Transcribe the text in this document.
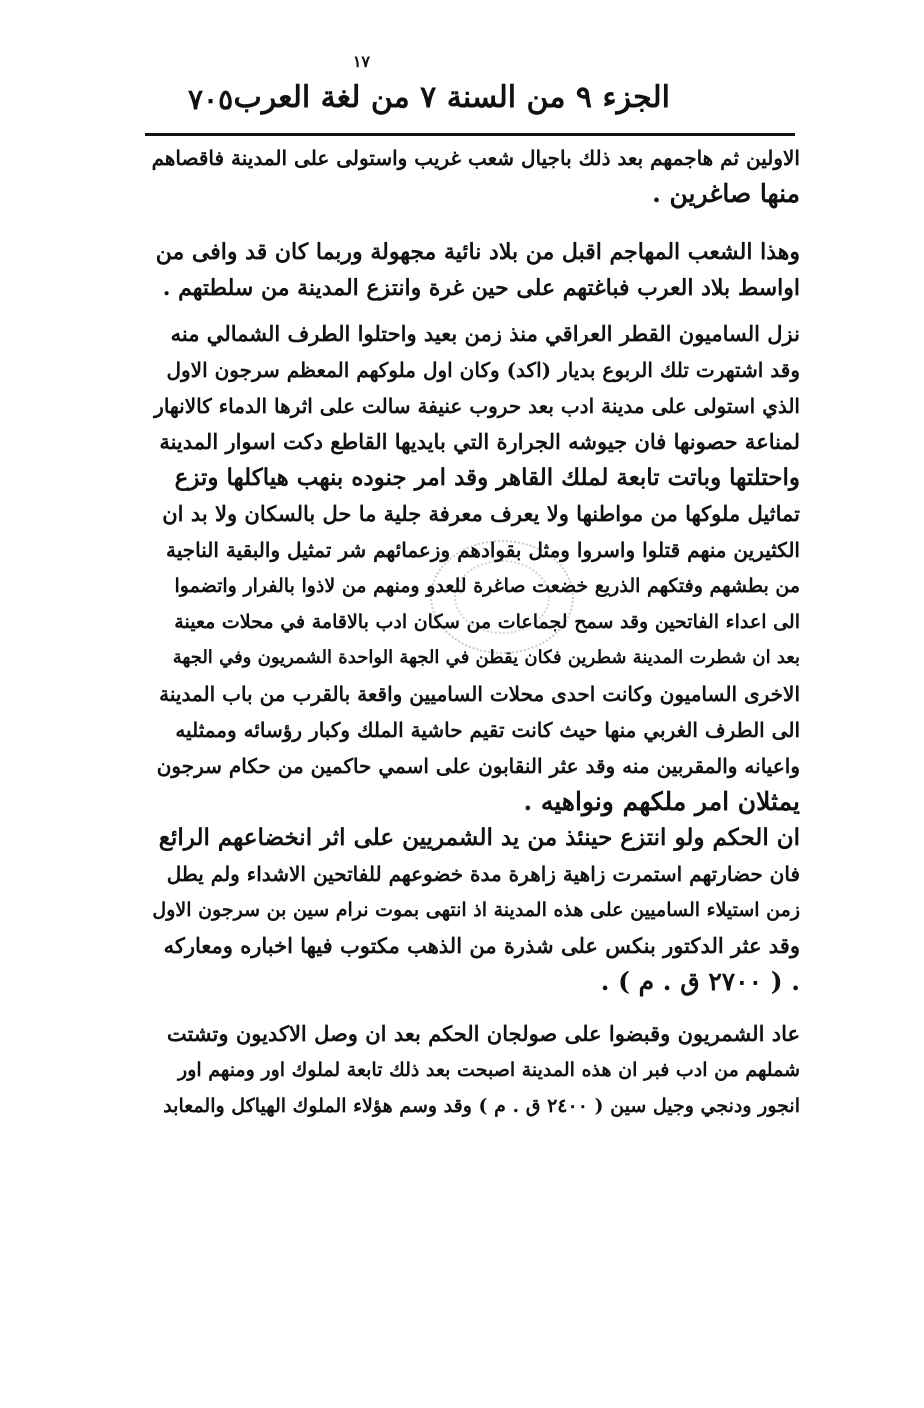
١٧
الجزء ٩ من السنة ٧ من لغة العرب
٧٠٥
الاولين ثم هاجمهم بعد ذلك باجيال شعب غريب واستولى على المدينة فاقصاهم
منها صاغرين .
وهذا الشعب المهاجم اقبل من بلاد نائية مجهولة وربما كان قد وافى من
اواسط بلاد العرب فباغتهم على حين غرة وانتزع المدينة من سلطتهم .
نزل الساميون القطر العراقي منذ زمن بعيد واحتلوا الطرف الشمالي منه
وقد اشتهرت تلك الربوع بديار (اكد) وكان اول ملوكهم المعظم سرجون الاول
الذي استولى على مدينة ادب بعد حروب عنيفة سالت على اثرها الدماء كالانهار
لمناعة حصونها فان جيوشه الجرارة التي بايديها القاطع دكت اسوار المدينة
واحتلتها وباتت تابعة لملك القاهر وقد امر جنوده بنهب هياكلها وتزع
تماثيل ملوكها من مواطنها ولا يعرف معرفة جلية ما حل بالسكان ولا بد ان
الكثيرين منهم قتلوا واسروا ومثل بقوادهم وزعمائهم شر تمثيل والبقية الناجية
من بطشهم وفتكهم الذريع خضعت صاغرة للعدو ومنهم من لاذوا بالفرار واتضموا
الى اعداء الفاتحين وقد سمح لجماعات من سكان ادب بالاقامة في محلات معينة
بعد ان شطرت المدينة شطرين فكان يقطن في الجهة الواحدة الشمريون وفي الجهة
الاخرى الساميون وكانت احدى محلات الساميين واقعة بالقرب من باب المدينة
الى الطرف الغربي منها حيث كانت تقيم حاشية الملك وكبار رؤسائه وممثليه
واعيانه والمقربين منه وقد عثر النقابون على اسمي حاكمين من حكام سرجون
يمثلان امر ملكهم ونواهيه .
ان الحكم ولو انتزع حينئذ من يد الشمريين على اثر انخضاعهم الرائع
فان حضارتهم استمرت زاهية زاهرة مدة خضوعهم للفاتحين الاشداء ولم يطل
زمن استيلاء الساميين على هذه المدينة اذ انتهى بموت نرام سين بن سرجون الاول
وقد عثر الدكتور بنكس على شذرة من الذهب مكتوب فيها اخباره ومعاركه
. ( ٢٧٠٠ ق . م ) .
عاد الشمريون وقبضوا على صولجان الحكم بعد ان وصل الاكديون وتشتت
شملهم من ادب فبر ان هذه المدينة اصبحت بعد ذلك تابعة لملوك اور ومنهم اور
انجور ودنجي وجيل سين ( ٢٤٠٠ ق . م ) وقد وسم هؤلاء الملوك الهياكل والمعابد
